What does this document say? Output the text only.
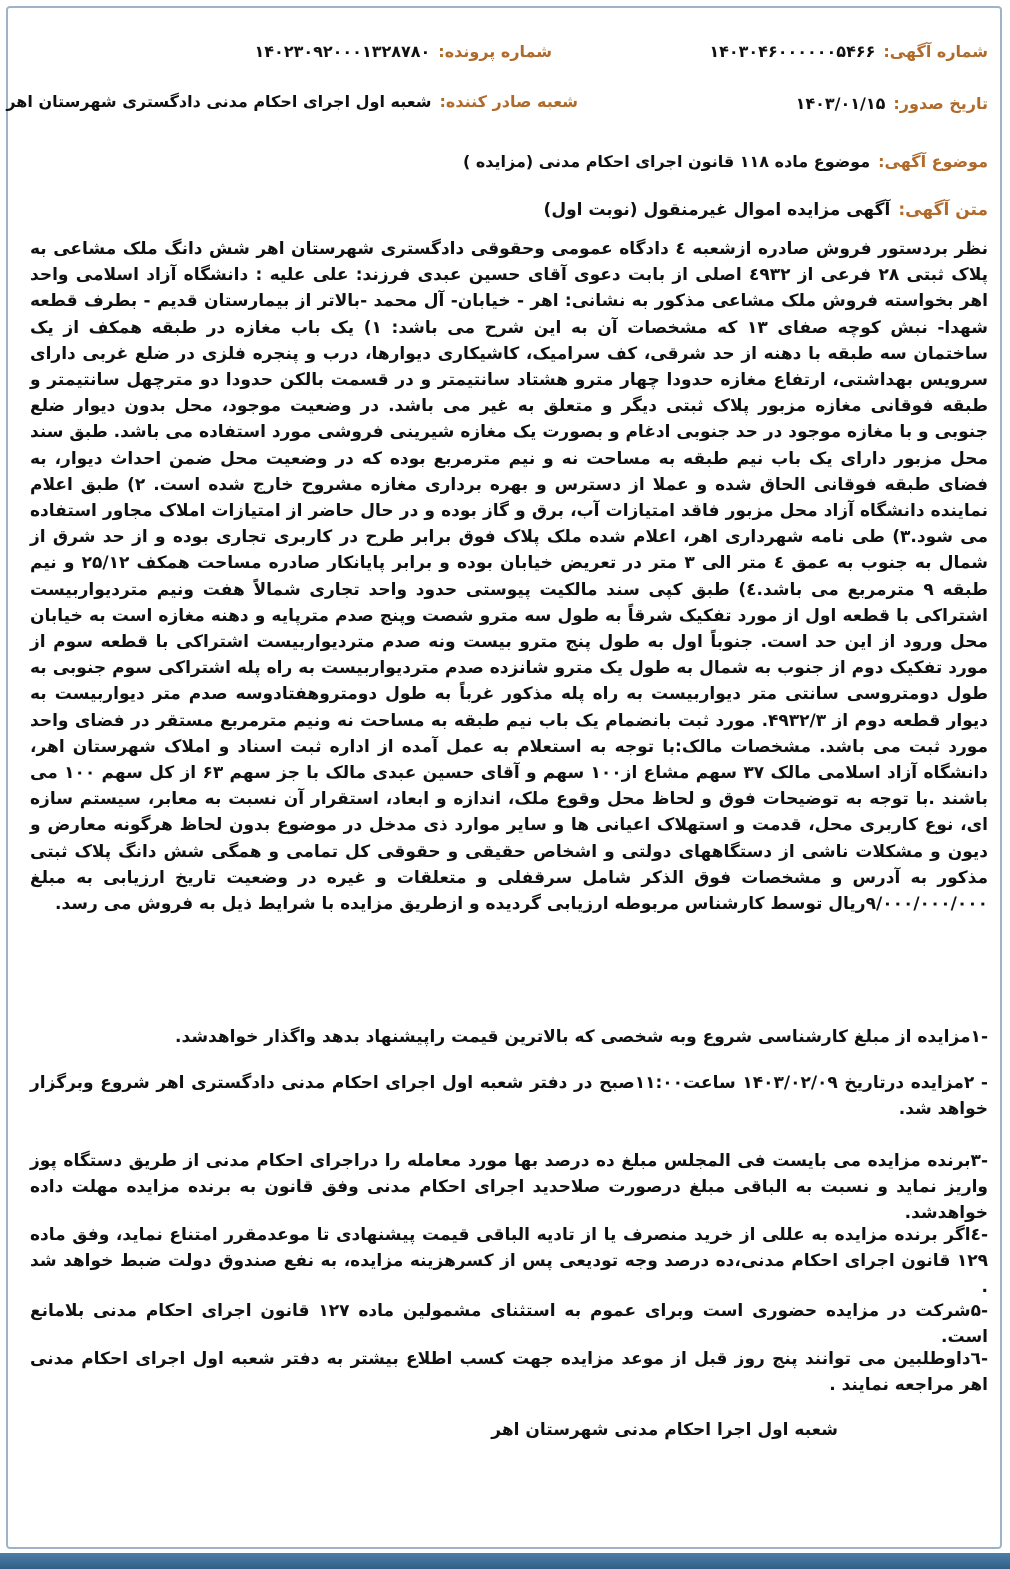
شماره آگهی:۱۴۰۳۰۴۶۰۰۰۰۰۰۵۴۶۶
شماره پرونده:۱۴۰۲۳۰۹۲۰۰۰۱۳۲۸۷۸۰
تاریخ صدور:۱۴۰۳/۰۱/۱۵
شعبه صادر کننده:شعبه اول اجرای احکام مدنی دادگستری شهرستان اهر
موضوع آگهی:موضوع ماده ۱۱۸ قانون اجرای احکام مدنی (مزایده )
متن آگهی:آگهی مزایده اموال غیرمنقول (نوبت اول)
نظر بردستور فروش صادره ازشعبه ٤ دادگاه عمومی وحقوقی دادگستری شهرستان اهر شش دانگ ملک مشاعی به پلاک ثبتی ۲۸ فرعی از ٤۹۳۲ اصلی از بابت دعوی آقای حسین عبدی فرزند: علی علیه : دانشگاه آزاد اسلامی واحد اهر بخواسته فروش ملک مشاعی مذکور به نشانی: اهر - خیابان- آل محمد -بالاتر از بیمارستان قدیم - بطرف قطعه شهدا- نبش کوچه صفای ۱۳ که مشخصات آن به این شرح می باشد: ۱) یک باب مغازه در طبقه همکف از یک ساختمان سه طبقه با دهنه از حد شرقی، کف سرامیک، کاشیکاری دیوارها، درب و پنجره فلزی در ضلع غربی دارای سرویس بهداشتی، ارتفاع مغازه حدودا چهار مترو هشتاد سانتیمتر و در قسمت بالکن حدودا دو مترچهل سانتیمتر و طبقه فوقانی مغازه مزبور پلاک ثبتی دیگر و متعلق به غیر می باشد. در وضعیت موجود، محل بدون دیوار ضلع جنوبی و با مغازه موجود در حد جنوبی ادغام و بصورت یک مغازه شیرینی فروشی مورد استفاده می باشد. طبق سند محل مزبور دارای یک باب نیم طبقه به مساحت نه و نیم مترمربع بوده که در وضعیت محل ضمن احداث دیوار، به فضای طبقه فوقانی الحاق شده و عملا از دسترس و بهره برداری مغازه مشروح خارج شده است. ۲) طبق اعلام نماینده دانشگاه آزاد محل مزبور فاقد امتیازات آب، برق و گاز بوده و در حال حاضر از امتیازات املاک مجاور استفاده می شود.۳) طی نامه شهرداری اهر، اعلام شده ملک پلاک فوق برابر طرح در کاربری تجاری بوده و از حد شرق از شمال به جنوب به عمق ٤ متر الی ۳ متر در تعریض خیابان بوده و برابر پایانکار صادره مساحت همکف ۲۵/۱۲ و نیم طبقه ۹ مترمربع می باشد.٤) طبق کپی سند مالکیت پیوستی حدود واحد تجاری شمالاً هفت ونیم متردیواربیست اشتراکی با قطعه اول از مورد تفکیک شرقاً به طول سه مترو شصت وپنج صدم مترپایه و دهنه مغازه است به خیابان محل ورود از این حد است. جنوباً اول به طول پنج مترو بیست ونه صدم متردیواربیست اشتراکی با قطعه سوم از مورد تفکیک دوم از جنوب به شمال به طول یک مترو شانزده صدم متردیواربیست به راه پله اشتراکی سوم جنوبی به طول دومتروسی سانتی متر دیواربیست به راه پله مذکور غرباً به طول دومتروهفتادوسه صدم متر دیواربیست به دیوار قطعه دوم از ۴۹۳۲/۳. مورد ثبت بانضمام یک باب نیم طبقه به مساحت نه ونیم مترمربع مستقر در فضای واحد مورد ثبت می باشد. مشخصات مالک:با توجه به استعلام به عمل آمده از اداره ثبت اسناد و املاک شهرستان اهر، دانشگاه آزاد اسلامی مالک ۳۷ سهم مشاع از۱۰۰ سهم و آقای حسین عبدی مالک با جز سهم ۶۳ از کل سهم ۱۰۰ می باشند .با توجه به توضیحات فوق و لحاظ محل وقوع ملک، اندازه و ابعاد، استقرار آن نسبت به معابر، سیستم سازه ای، نوع کاربری محل، قدمت و استهلاک اعیانی ها و سایر موارد ذی مدخل در موضوع بدون لحاظ هرگونه معارض و دیون و مشکلات ناشی از دستگاههای دولتی و اشخاص حقیقی و حقوقی کل تمامی و همگی شش دانگ پلاک ثبتی مذکور به آدرس و مشخصات فوق الذکر شامل سرقفلی و متعلقات و غیره در وضعیت تاریخ ارزیابی به مبلغ ۹/۰۰۰/۰۰۰/۰۰۰ریال توسط کارشناس مربوطه ارزیابی گردیده و ازطریق مزایده با شرایط ذیل به فروش می رسد.
-۱مزایده از مبلغ کارشناسی شروع وبه شخصی که بالاترین قیمت راپیشنهاد بدهد واگذار خواهدشد.
- ۲مزایده درتاریخ ۱۴۰۳/۰۲/۰۹ ساعت۱۱:۰۰صبح در دفتر شعبه اول اجرای احکام مدنی دادگستری اهر شروع وبرگزار خواهد شد.
-۳برنده مزایده می بایست فی المجلس مبلغ ده درصد بها مورد معامله را دراجرای احکام مدنی از طریق دستگاه پوز واریز نماید و نسبت به الباقی مبلغ درصورت صلاحدید اجرای احکام مدنی وفق قانون به برنده مزایده مهلت داده خواهدشد.
-٤اگر برنده مزایده به عللی از خرید منصرف یا از تادیه الباقی قیمت پیشنهادی تا موعدمقرر امتناع نماید، وفق ماده ۱۲۹ قانون اجرای احکام مدنی،ده درصد وجه تودیعی پس از کسرهزینه مزایده، به نفع صندوق دولت ضبط خواهد شد .
-۵شرکت در مزایده حضوری است وبرای عموم به استثنای مشمولین ماده ۱۲۷ قانون اجرای احکام مدنی بلامانع است.
-٦داوطلبین می توانند پنج روز قبل از موعد مزایده جهت کسب اطلاع بیشتر به دفتر شعبه اول اجرای احکام مدنی اهر مراجعه نمایند .
شعبه اول اجرا احکام مدنی شهرستان اهر
